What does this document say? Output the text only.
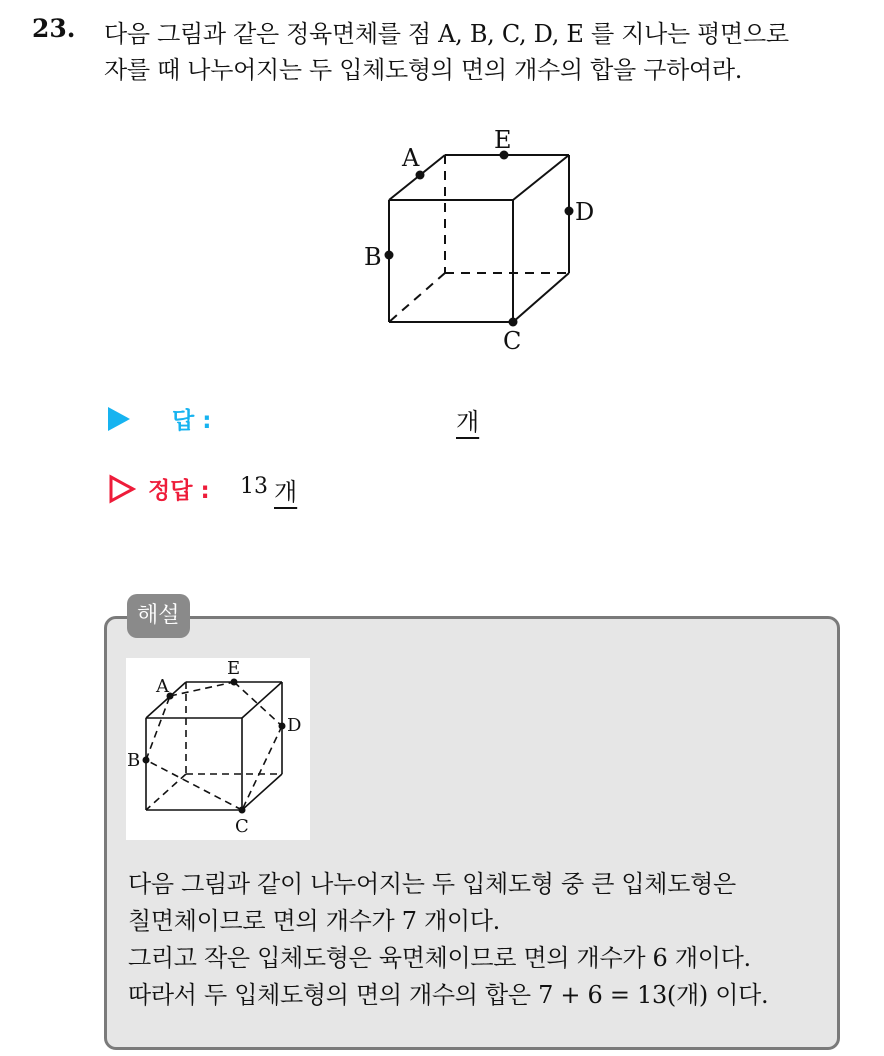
23. 다음 그림과 같은 정육면체를 점 A, B, C, D, E 를 지나는 평면으로
자를 때 나누어지는 두 입체도형의 면의 개수의 합을 구하여라.
A
E
D
B
C
답 :	개
정답 : 13 개
해설
A
E
D
B
C
다음 그림과 같이 나누어지는 두 입체도형 중 큰 입체도형은
칠면체이므로 면의 개수가 7 개이다.
그리고 작은 입체도형은 육면체이므로 면의 개수가 6 개이다.
따라서 두 입체도형의 면의 개수의 합은 7 + 6 = 13(개) 이다.
